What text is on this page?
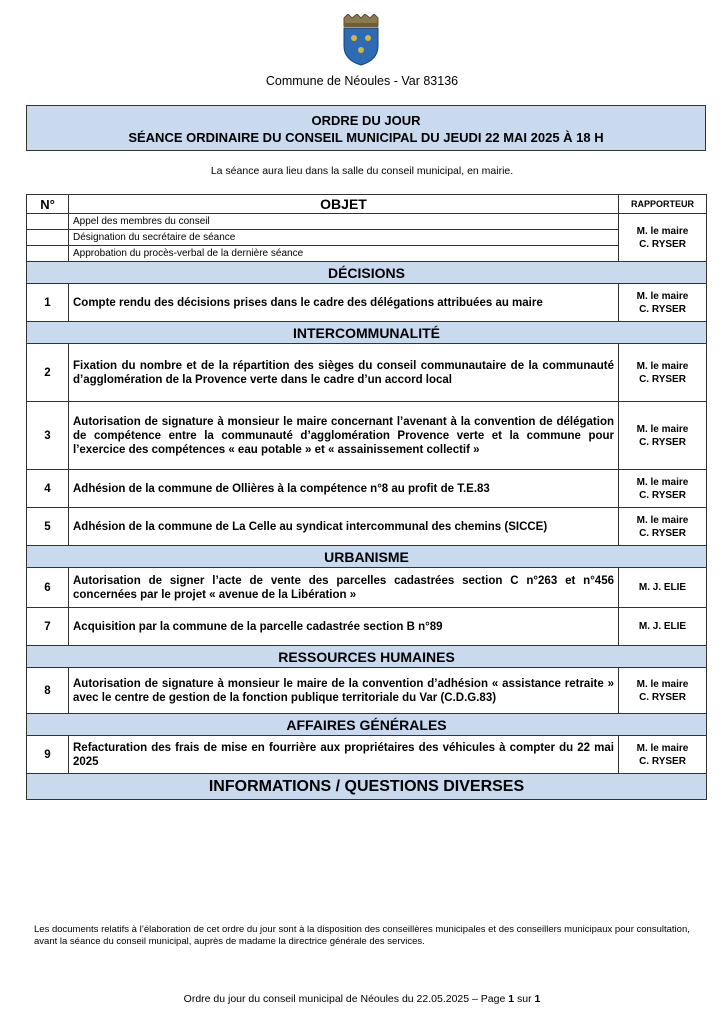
Commune de Néoules - Var 83136
ORDRE DU JOUR
SÉANCE ORDINAIRE DU CONSEIL MUNICIPAL DU JEUDI 22 MAI 2025 À 18 H
La séance aura lieu dans la salle du conseil municipal, en mairie.
N°	OBJET	RAPPORTEUR
	Appel des membres du conseil	M. le maire
C. RYSER

	Désignation du secrétaire de séance	
	Approbation du procès-verbal de la dernière séance	
DÉCISIONS		
1	Compte rendu des décisions prises dans le cadre des délégations attribuées au maire	M. le maire
C. RYSER

INTERCOMMUNALITÉ		
2	Fixation du nombre et de la répartition des sièges du conseil communautaire de la communauté d’agglomération de la Provence verte dans le cadre d’un accord local	M. le maire
C. RYSER

3	Autorisation de signature à monsieur le maire concernant l’avenant à la convention de délégation de compétence entre la communauté d’agglomération Provence verte et la commune pour l’exercice des compétences « eau potable » et « assainissement collectif »	M. le maire
C. RYSER

4	Adhésion de la commune de Ollières à la compétence n°8 au profit de T.E.83	M. le maire
C. RYSER

5	Adhésion de la commune de La Celle au syndicat intercommunal des chemins (SICCE)	M. le maire
C. RYSER

URBANISME		
6	Autorisation de signer l’acte de vente des parcelles cadastrées section C n°263 et n°456 concernées par le projet « avenue de la Libération »	M. J. ELIE

7	Acquisition par la commune de la parcelle cadastrée section B n°89	M. J. ELIE

RESSOURCES HUMAINES		
8	Autorisation de signature à monsieur le maire de la convention d’adhésion « assistance retraite » avec le centre de gestion de la fonction publique territoriale du Var (C.D.G.83)	M. le maire
C. RYSER

AFFAIRES GÉNÉRALES		
9	Refacturation des frais de mise en fourrière aux propriétaires des véhicules à compter du 22 mai 2025	M. le maire
C. RYSER

INFORMATIONS / QUESTIONS DIVERSES		
Les documents relatifs à l’élaboration de cet ordre du jour sont à la disposition des conseillères municipales et des conseillers municipaux pour consultation, avant la séance du conseil municipal, auprès de madame la directrice générale des services.
Ordre du jour du conseil municipal de Néoules du 22.05.2025 – Page 1 sur 1
